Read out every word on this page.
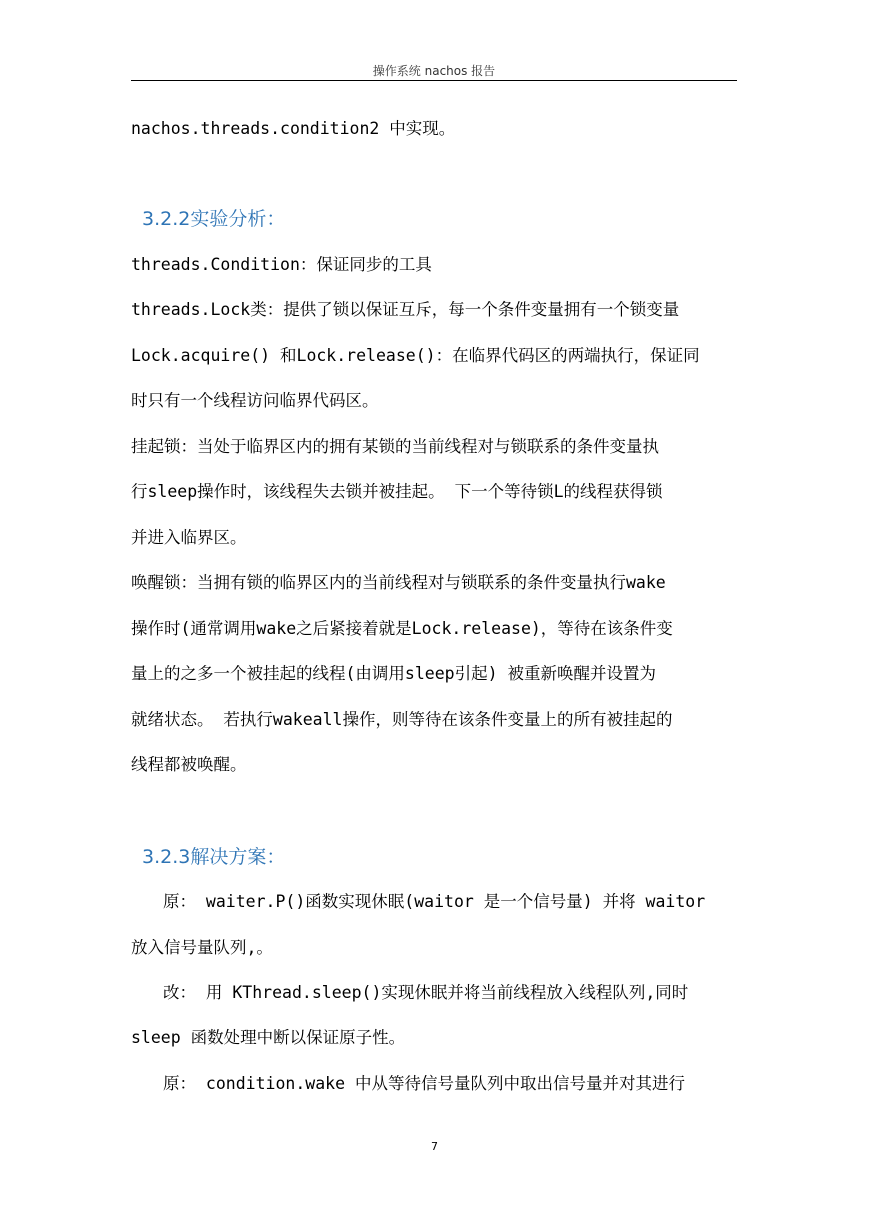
操作系统 nachos 报告
nachos.threads.condition2 中实现。
3.2.2实验分析：
threads.Condition：保证同步的工具
threads.Lock类：提供了锁以保证互斥，每一个条件变量拥有一个锁变量
Lock.acquire() 和Lock.release()：在临界代码区的两端执行，保证同
时只有一个线程访问临界代码区。
挂起锁：当处于临界区内的拥有某锁的当前线程对与锁联系的条件变量执
行sleep操作时，该线程失去锁并被挂起。 下一个等待锁L的线程获得锁
并进入临界区。
唤醒锁：当拥有锁的临界区内的当前线程对与锁联系的条件变量执行wake
操作时(通常调用wake之后紧接着就是Lock.release)，等待在该条件变
量上的之多一个被挂起的线程(由调用sleep引起) 被重新唤醒并设置为
就绪状态。 若执行wakeall操作，则等待在该条件变量上的所有被挂起的
线程都被唤醒。
3.2.3解决方案：
原： waiter.P()函数实现休眠(waitor 是一个信号量) 并将 waitor
放入信号量队列,。
改： 用 KThread.sleep()实现休眠并将当前线程放入线程队列,同时
sleep 函数处理中断以保证原子性。
原： condition.wake 中从等待信号量队列中取出信号量并对其进行
7
